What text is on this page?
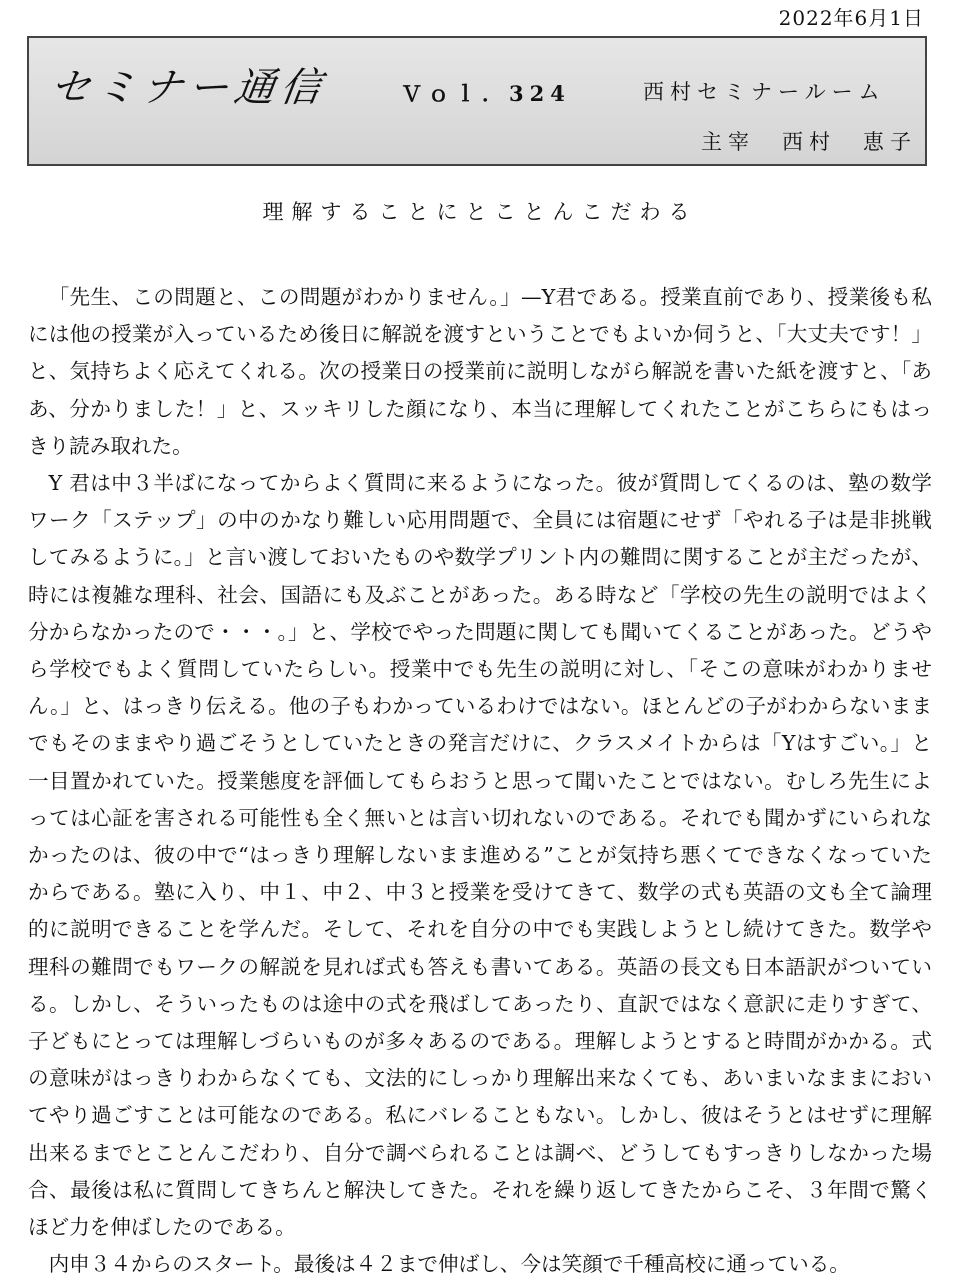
2022年6月1日
セミナー通信	Ｖｏｌ．324	西村セミナールーム
主宰　西村　恵子
理解することにとことんこだわる

「先生、この問題と、この問題がわかりません。」—Y君である。授業直前であり、授業後も私には他の授業が入っているため後日に解説を渡すということでもよいか伺うと、「大丈夫です！」と、気持ちよく応えてくれる。次の授業日の授業前に説明しながら解説を書いた紙を渡すと、「ああ、分かりました！」と、スッキリした顔になり、本当に理解してくれたことがこちらにもはっきり読み取れた。

Y 君は中３半ばになってからよく質問に来るようになった。彼が質問してくるのは、塾の数学ワーク「ステップ」の中のかなり難しい応用問題で、全員には宿題にせず「やれる子は是非挑戦してみるように。」と言い渡しておいたものや数学プリント内の難問に関することが主だったが、時には複雑な理科、社会、国語にも及ぶことがあった。ある時など「学校の先生の説明ではよく分からなかったので・・・。」と、学校でやった問題に関しても聞いてくることがあった。どうやら学校でもよく質問していたらしい。授業中でも先生の説明に対し、「そこの意味がわかりません。」と、はっきり伝える。他の子もわかっているわけではない。ほとんどの子がわからないままでもそのままやり過ごそうとしていたときの発言だけに、クラスメイトからは「Yはすごい。」と一目置かれていた。授業態度を評価してもらおうと思って聞いたことではない。むしろ先生によっては心証を害される可能性も全く無いとは言い切れないのである。それでも聞かずにいられなかったのは、彼の中で“はっきり理解しないまま進める”ことが気持ち悪くてできなくなっていたからである。塾に入り、中１、中２、中３と授業を受けてきて、数学の式も英語の文も全て論理的に説明できることを学んだ。そして、それを自分の中でも実践しようとし続けてきた。数学や理科の難問でもワークの解説を見れば式も答えも書いてある。英語の長文も日本語訳がついている。しかし、そういったものは途中の式を飛ばしてあったり、直訳ではなく意訳に走りすぎて、子どもにとっては理解しづらいものが多々あるのである。理解しようとすると時間がかかる。式の意味がはっきりわからなくても、文法的にしっかり理解出来なくても、あいまいなままにおいてやり過ごすことは可能なのである。私にバレることもない。しかし、彼はそうとはせずに理解出来るまでとことんこだわり、自分で調べられることは調べ、どうしてもすっきりしなかった場合、最後は私に質問してきちんと解決してきた。それを繰り返してきたからこそ、３年間で驚くほど力を伸ばしたのである。

内申３４からのスタート。最後は４２まで伸ばし、今は笑顔で千種高校に通っている。
